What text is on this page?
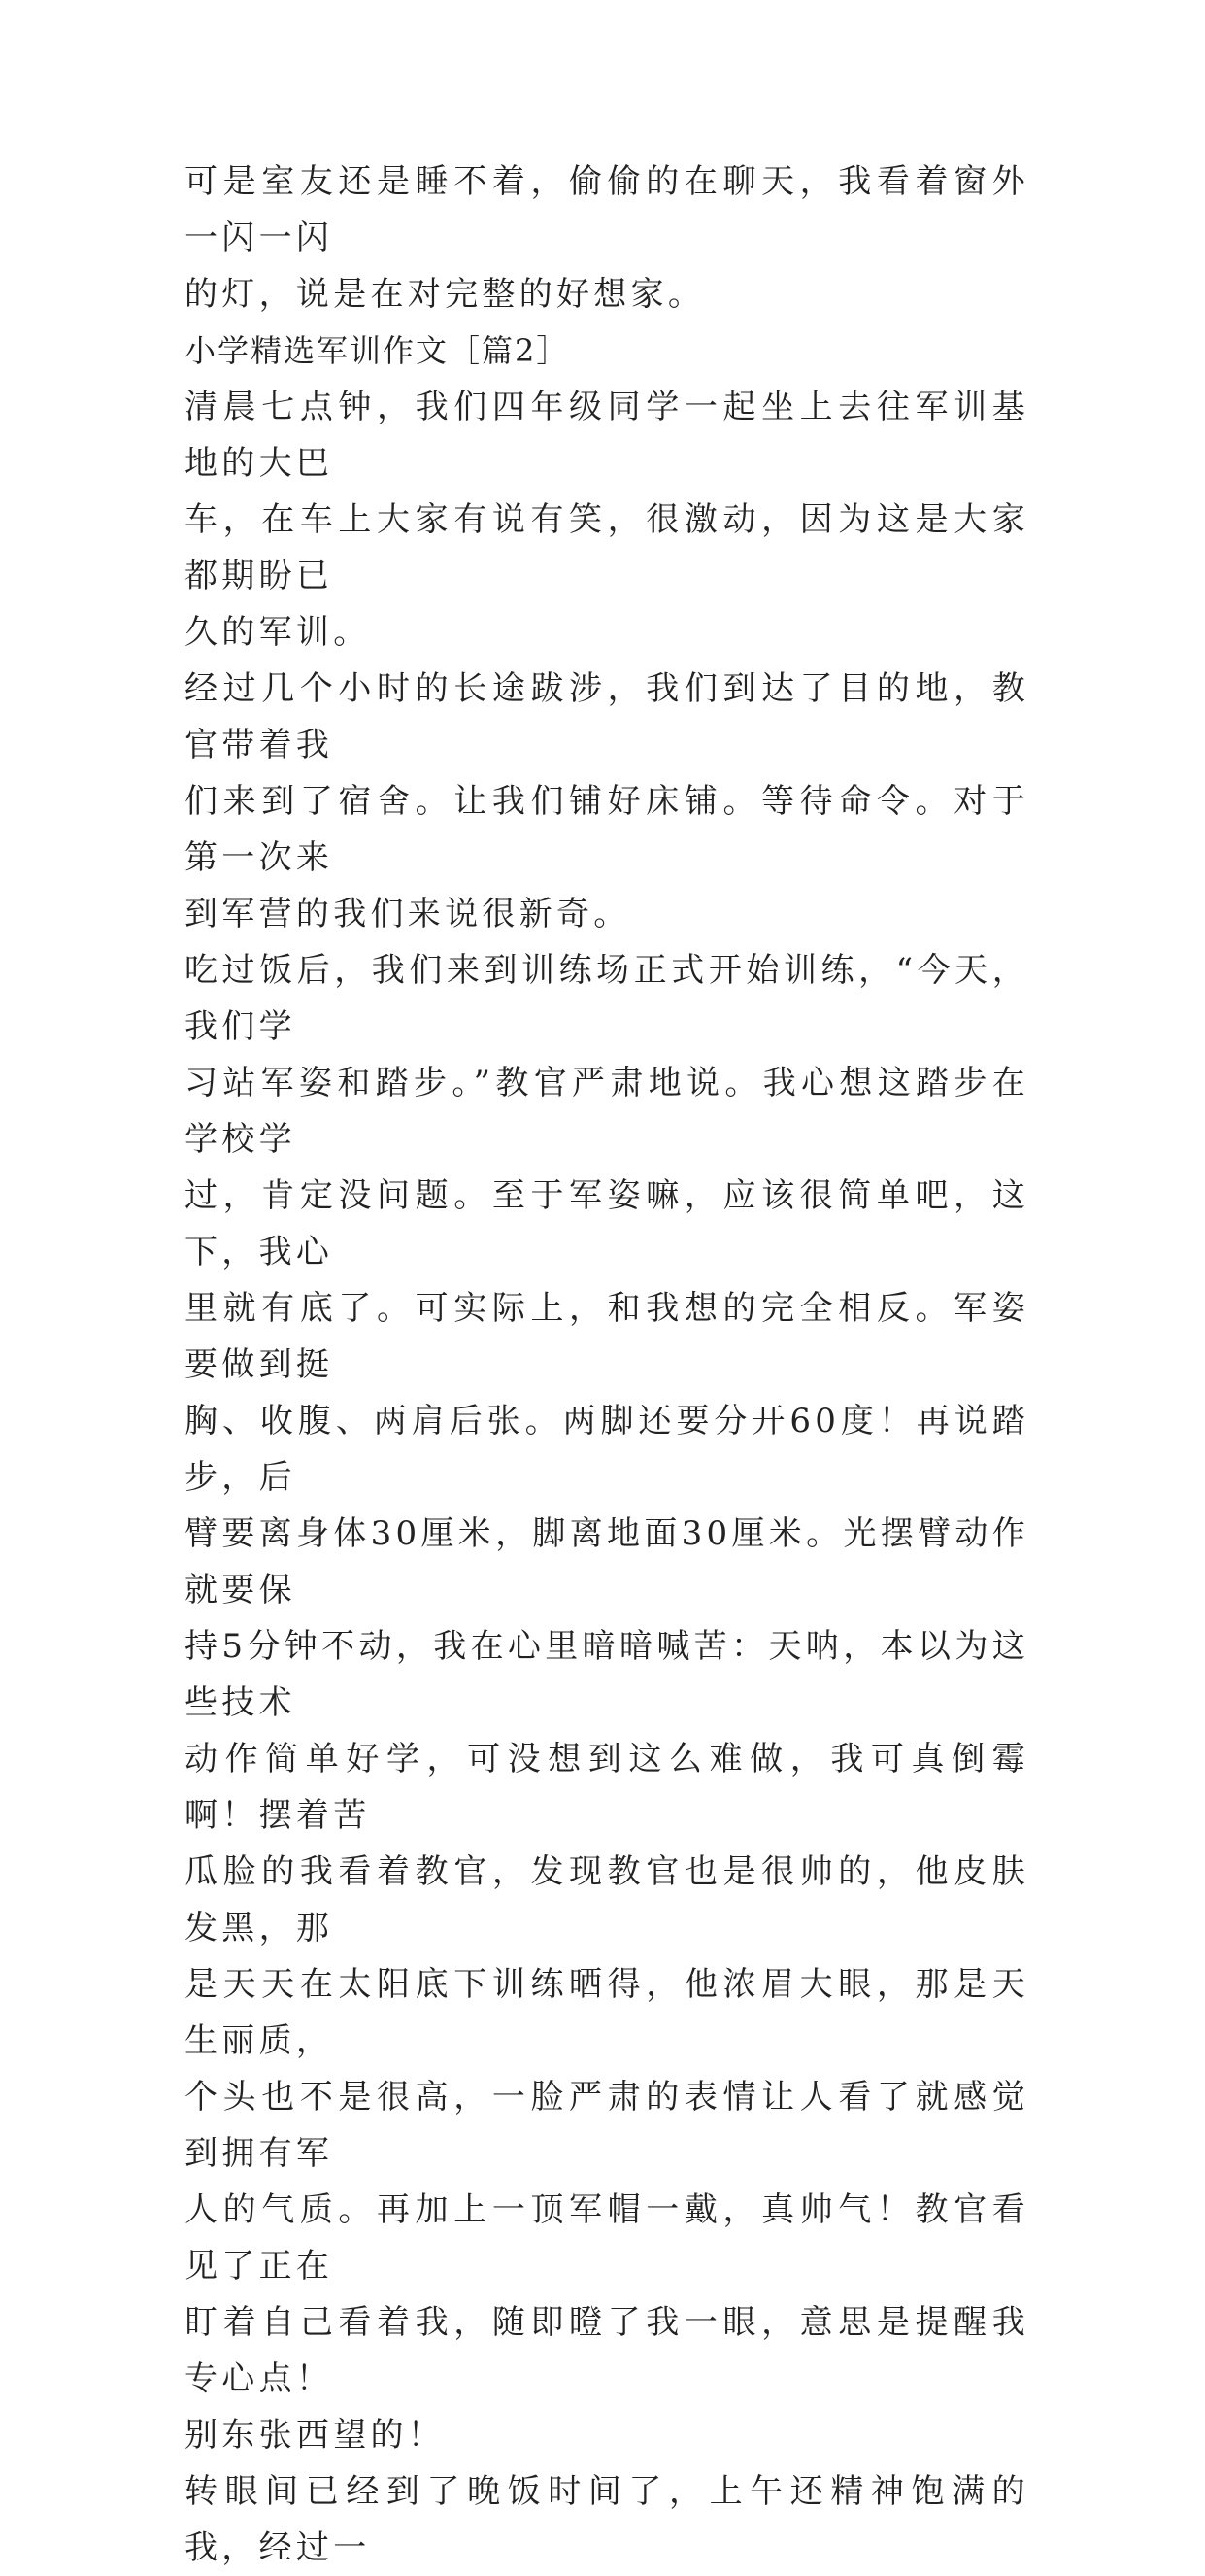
可是室友还是睡不着，偷偷的在聊天，我看着窗外一闪一闪
的灯，说是在对完整的好想家。
小学精选军训作文［篇2］
清晨七点钟，我们四年级同学一起坐上去往军训基地的大巴
车，在车上大家有说有笑，很激动，因为这是大家都期盼已
久的军训。
经过几个小时的长途跋涉，我们到达了目的地，教官带着我
们来到了宿舍。让我们铺好床铺。等待命令。对于第一次来
到军营的我们来说很新奇。
吃过饭后，我们来到训练场正式开始训练，“今天，我们学
习站军姿和踏步。”教官严肃地说。我心想这踏步在学校学
过，肯定没问题。至于军姿嘛，应该很简单吧，这下，我心
里就有底了。可实际上，和我想的完全相反。军姿要做到挺
胸、收腹、两肩后张。两脚还要分开60度！再说踏步，后
臂要离身体30厘米，脚离地面30厘米。光摆臂动作就要保
持5分钟不动，我在心里暗暗喊苦：天呐，本以为这些技术
动作简单好学，可没想到这么难做，我可真倒霉啊！摆着苦
瓜脸的我看着教官，发现教官也是很帅的，他皮肤发黑，那
是天天在太阳底下训练晒得，他浓眉大眼，那是天生丽质，
个头也不是很高，一脸严肃的表情让人看了就感觉到拥有军
人的气质。再加上一顶军帽一戴，真帅气！教官看见了正在
盯着自己看着我，随即瞪了我一眼，意思是提醒我专心点！
别东张西望的！
转眼间已经到了晚饭时间了，上午还精神饱满的我，经过一
